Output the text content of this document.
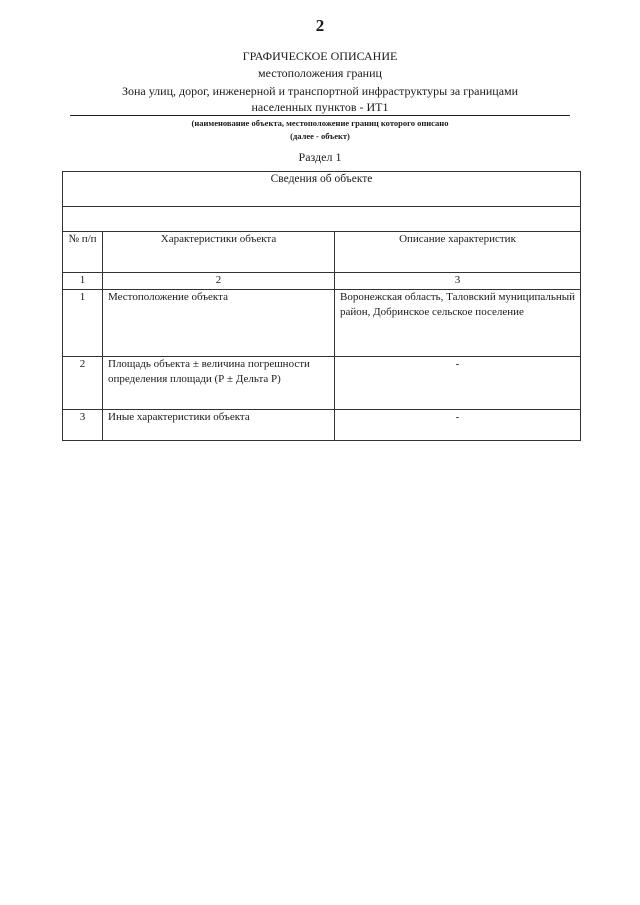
2
ГРАФИЧЕСКОЕ ОПИСАНИЕ
местоположения границ
Зона улиц, дорог, инженерной и транспортной инфраструктуры за границами
населенных пунктов - ИТ1
(наименование объекта, местоположение границ которого описано
(далее - объект)
Раздел 1
Сведения об объекте		

№ п/п	Характеристики объекта	Описание характеристик
1	2	3
1	Местоположение объекта	Воронежская область, Таловский муниципальный район, Добринское сельское поселение
2	Площадь объекта ± величина погрешности определения площади (Р ± Дельта Р)	-
3	Иные характеристики объекта	-
